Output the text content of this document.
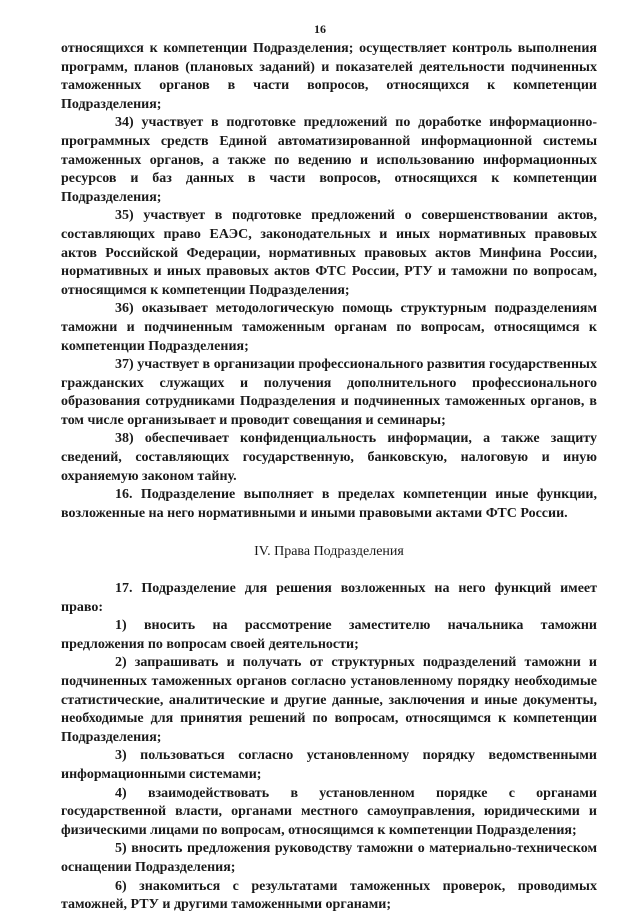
16

относящихся к компетенции Подразделения; осуществляет контроль выполнения программ, планов (плановых заданий) и показателей деятельности подчиненных таможенных органов в части вопросов, относящихся к компетенции Подразделения;

34) участвует в подготовке предложений по доработке информационно-программных средств Единой автоматизированной информационной системы таможенных органов, а также по ведению и использованию информационных ресурсов и баз данных в части вопросов, относящихся к компетенции Подразделения;

35) участвует в подготовке предложений о совершенствовании актов, составляющих право ЕАЭС, законодательных и иных нормативных правовых актов Российской Федерации, нормативных правовых актов Минфина России, нормативных и иных правовых актов ФТС России, РТУ и таможни по вопросам, относящимся к компетенции Подразделения;

36) оказывает методологическую помощь структурным подразделениям таможни и подчиненным таможенным органам по вопросам, относящимся к компетенции Подразделения;

37) участвует в организации профессионального развития государственных гражданских служащих и получения дополнительного профессионального образования сотрудниками Подразделения и подчиненных таможенных органов, в том числе организывает и проводит совещания и семинары;

38) обеспечивает конфиденциальность информации, а также защиту сведений, составляющих государственную, банковскую, налоговую и иную охраняемую законом тайну.

16. Подразделение выполняет в пределах компетенции иные функции, возложенные на него нормативными и иными правовыми актами ФТС России.

IV. Права Подразделения

17. Подразделение для решения возложенных на него функций имеет право:

1) вносить на рассмотрение заместителю начальника таможни предложения по вопросам своей деятельности;

2) запрашивать и получать от структурных подразделений таможни и подчиненных таможенных органов согласно установленному порядку необходимые статистические, аналитические и другие данные, заключения и иные документы, необходимые для принятия решений по вопросам, относящимся к компетенции Подразделения;

3) пользоваться согласно установленному порядку ведомственными информационными системами;

4) взаимодействовать в установленном порядке с органами государственной власти, органами местного самоуправления, юридическими и физическими лицами по вопросам, относящимся к компетенции Подразделения;

5) вносить предложения руководству таможни о материально-техническом оснащении Подразделения;

6) знакомиться с результатами таможенных проверок, проводимых таможней, РТУ и другими таможенными органами;
